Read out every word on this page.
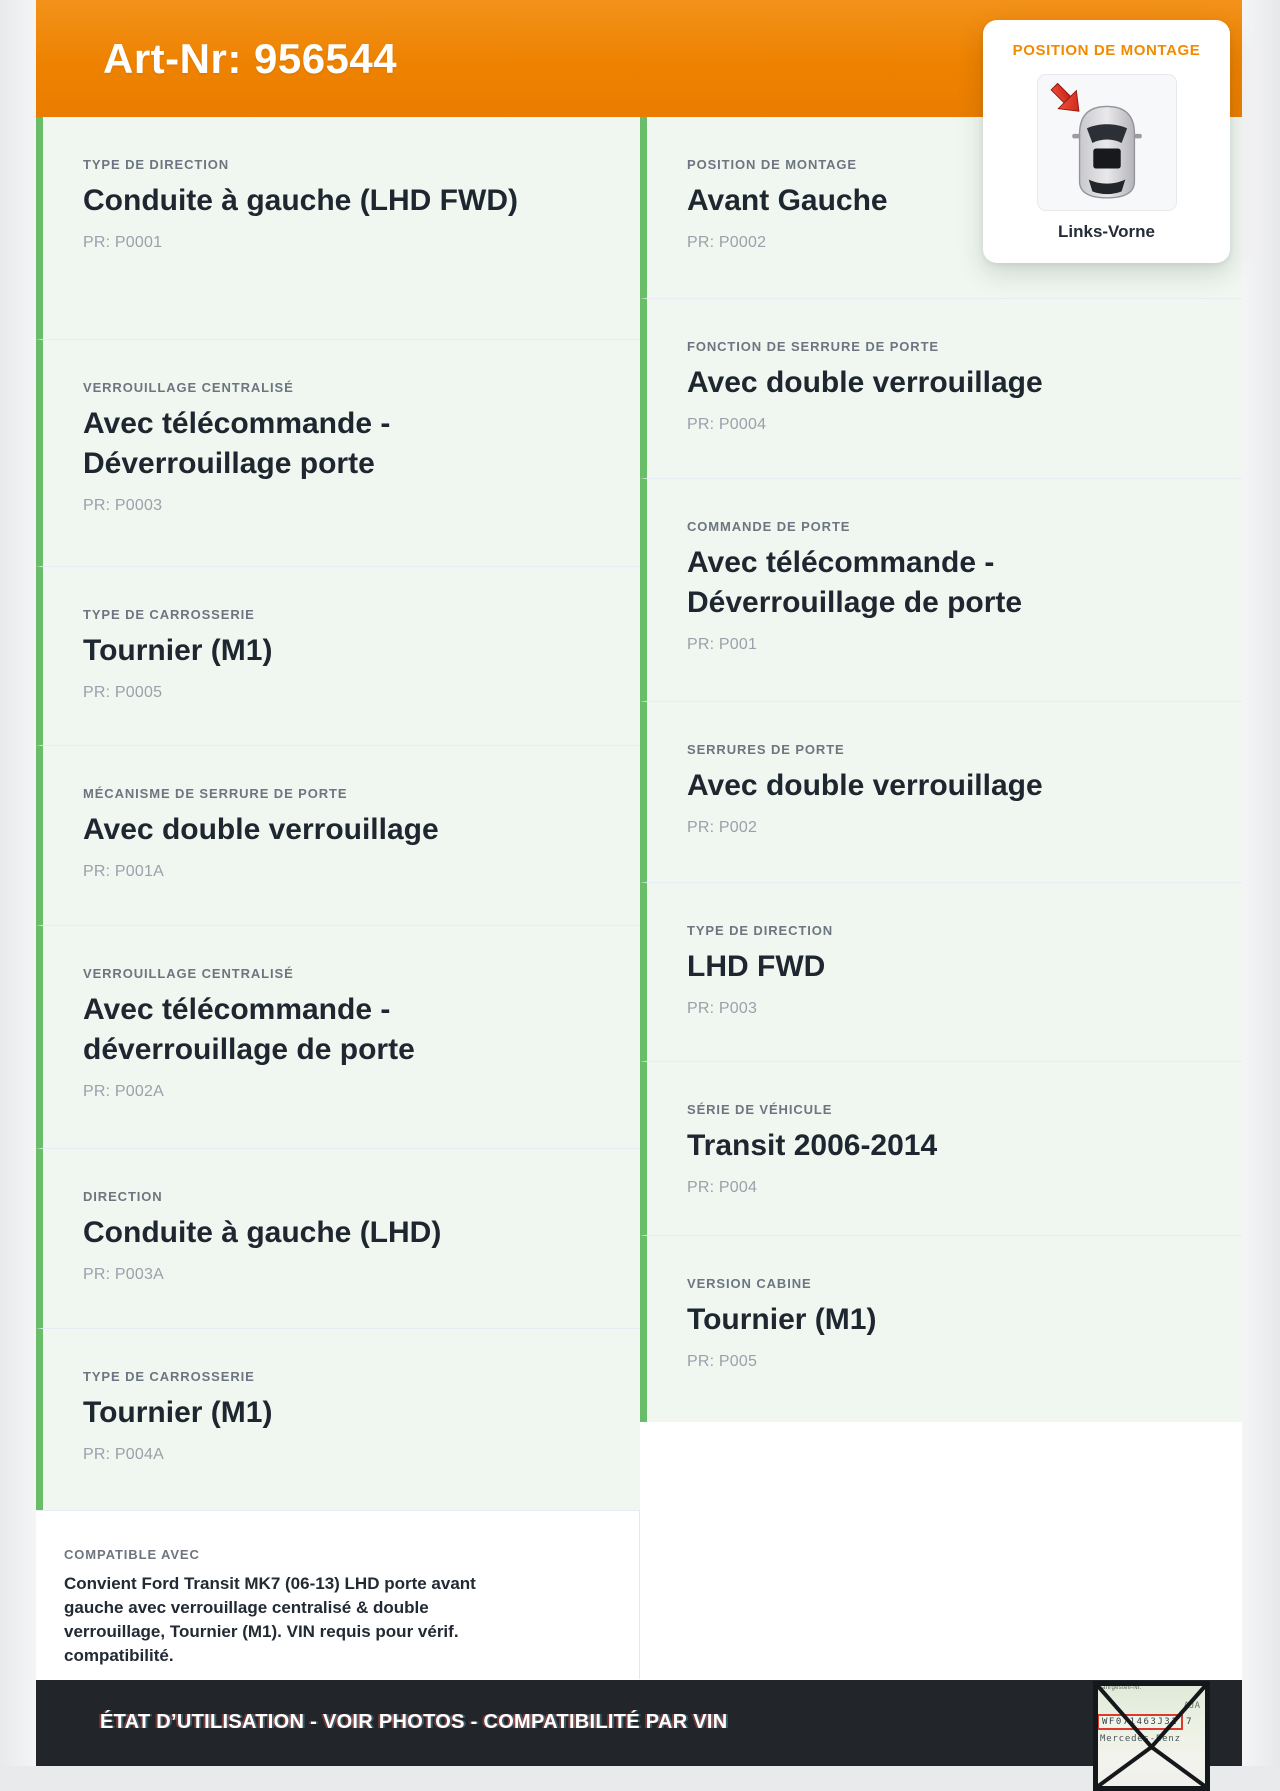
Art-Nr: 956544
TYPE DE DIRECTION
Conduite à gauche (LHD FWD)
PR: P0001
VERROUILLAGE CENTRALISÉ
Avec télécommande - Déverrouillage porte
PR: P0003
TYPE DE CARROSSERIE
Tournier (M1)
PR: P0005
MÉCANISME DE SERRURE DE PORTE
Avec double verrouillage
PR: P001A
VERROUILLAGE CENTRALISÉ
Avec télécommande - déverrouillage de porte
PR: P002A
DIRECTION
Conduite à gauche (LHD)
PR: P003A
TYPE DE CARROSSERIE
Tournier (M1)
PR: P004A
COMPATIBLE AVEC
Convient Ford Transit MK7 (06-13) LHD porte avant gauche avec verrouillage centralisé & double verrouillage, Tournier (M1). VIN requis pour vérif. compatibilité.
POSITION DE MONTAGE
Avant Gauche
PR: P0002
FONCTION DE SERRURE DE PORTE
Avec double verrouillage
PR: P0004
COMMANDE DE PORTE
Avec télécommande - Déverrouillage de porte
PR: P001
SERRURES DE PORTE
Avec double verrouillage
PR: P002
TYPE DE DIRECTION
LHD FWD
PR: P003
SÉRIE DE VÉHICULE
Transit 2006-2014
PR: P004
VERSION CABINE
Tournier (M1)
PR: P005
ÉTAT D’UTILISATION - VOIR PHOTOS - COMPATIBILITÉ PAR VIN
Fahrgestell-Nr.
AJA
WF071463J31 7
Mercedes-Benz
POSITION DE MONTAGE
Links-Vorne
